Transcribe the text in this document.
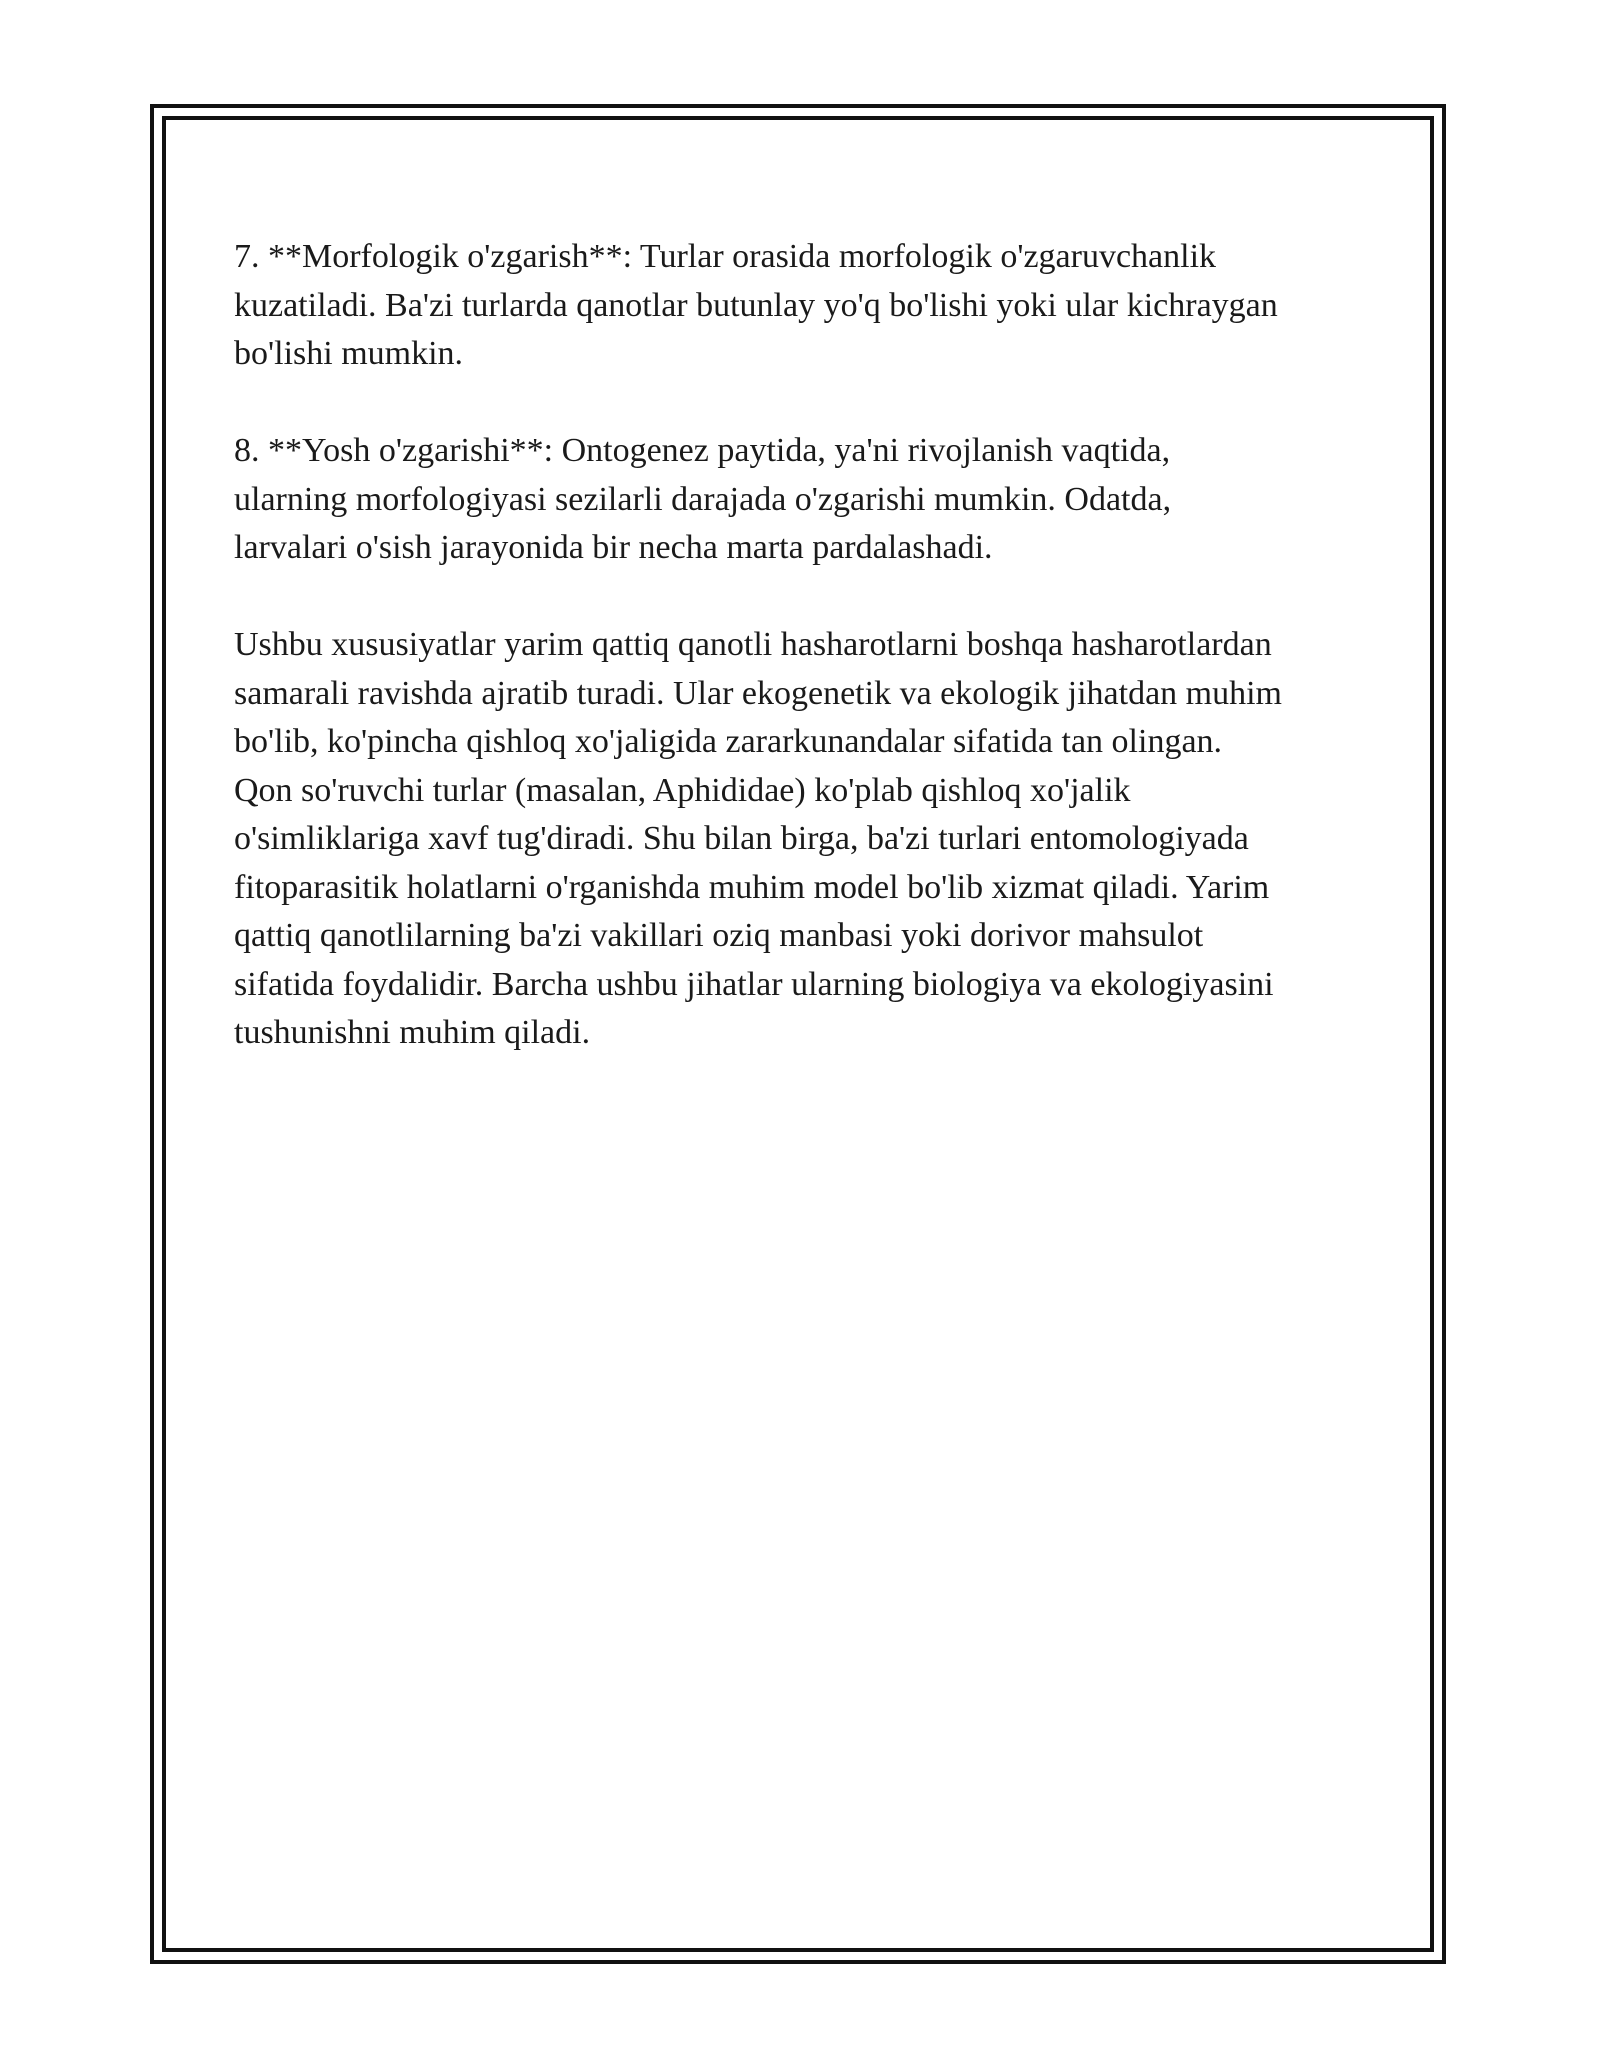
7. **Morfologik o'zgarish**: Turlar orasida morfologik o'zgaruvchanlik
kuzatiladi. Ba'zi turlarda qanotlar butunlay yo'q bo'lishi yoki ular kichraygan
bo'lishi mumkin.

8. **Yosh o'zgarishi**: Ontogenez paytida, ya'ni rivojlanish vaqtida,
ularning morfologiyasi sezilarli darajada o'zgarishi mumkin. Odatda,
larvalari o'sish jarayonida bir necha marta pardalashadi.

Ushbu xususiyatlar yarim qattiq qanotli hasharotlarni boshqa hasharotlardan
samarali ravishda ajratib turadi. Ular ekogenetik va ekologik jihatdan muhim
bo'lib, ko'pincha qishloq xo'jaligida zararkunandalar sifatida tan olingan.
Qon so'ruvchi turlar (masalan, Aphididae) ko'plab qishloq xo'jalik
o'simliklariga xavf tug'diradi. Shu bilan birga, ba'zi turlari entomologiyada
fitoparasitik holatlarni o'rganishda muhim model bo'lib xizmat qiladi. Yarim
qattiq qanotlilarning ba'zi vakillari oziq manbasi yoki dorivor mahsulot
sifatida foydalidir. Barcha ushbu jihatlar ularning biologiya va ekologiyasini
tushunishni muhim qiladi.
